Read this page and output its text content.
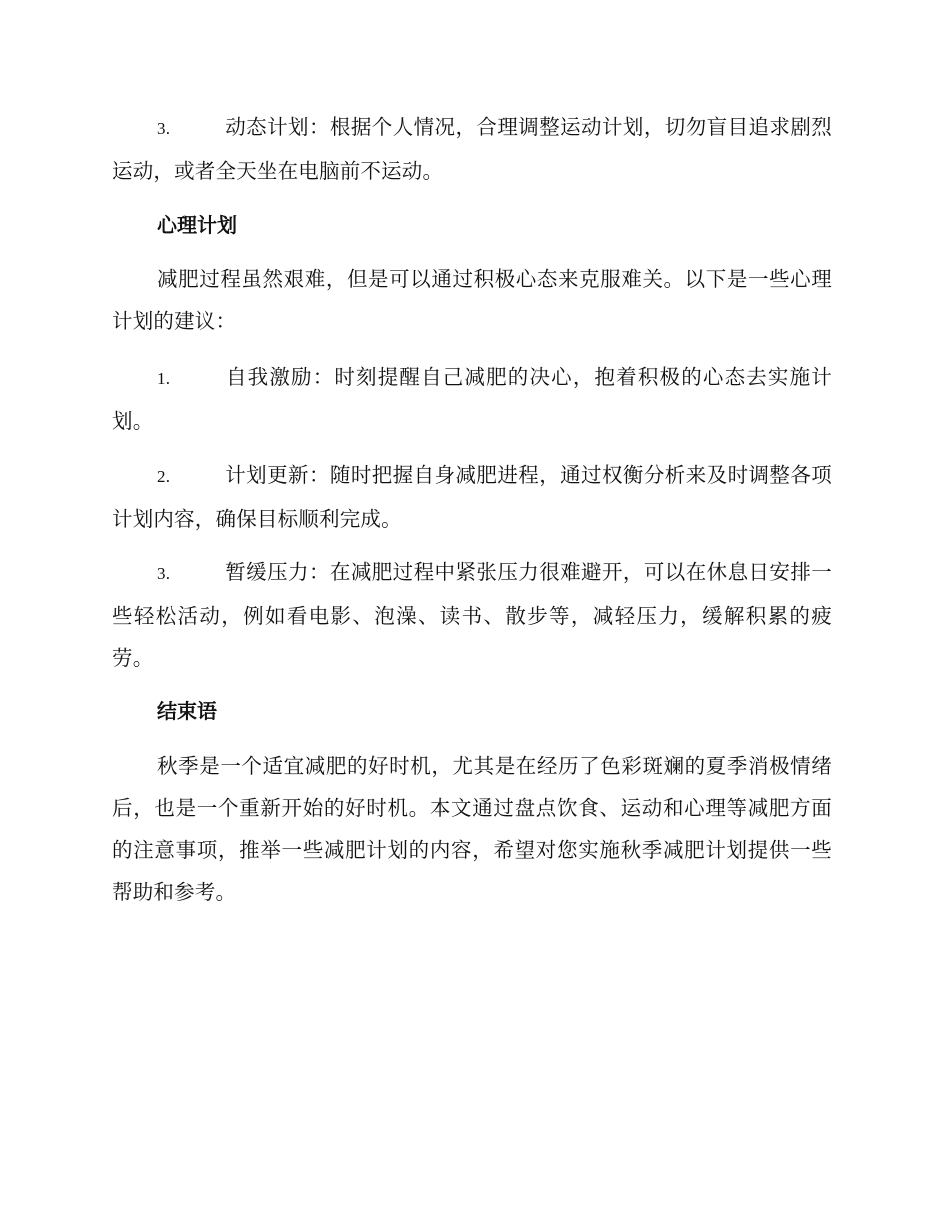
3.	动态计划：根据个人情况，合理调整运动计划，切勿盲目追求剧烈运动，或者全天坐在电脑前不运动。

心理计划

减肥过程虽然艰难，但是可以通过积极心态来克服难关。以下是一些心理计划的建议：

1.	自我激励：时刻提醒自己减肥的决心，抱着积极的心态去实施计划。

2.	计划更新：随时把握自身减肥进程，通过权衡分析来及时调整各项计划内容，确保目标顺利完成。

3.	暂缓压力：在减肥过程中紧张压力很难避开，可以在休息日安排一些轻松活动，例如看电影、泡澡、读书、散步等，减轻压力，缓解积累的疲劳。

结束语

秋季是一个适宜减肥的好时机，尤其是在经历了色彩斑斓的夏季消极情绪后，也是一个重新开始的好时机。本文通过盘点饮食、运动和心理等减肥方面的注意事项，推举一些减肥计划的内容，希望对您实施秋季减肥计划提供一些帮助和参考。
